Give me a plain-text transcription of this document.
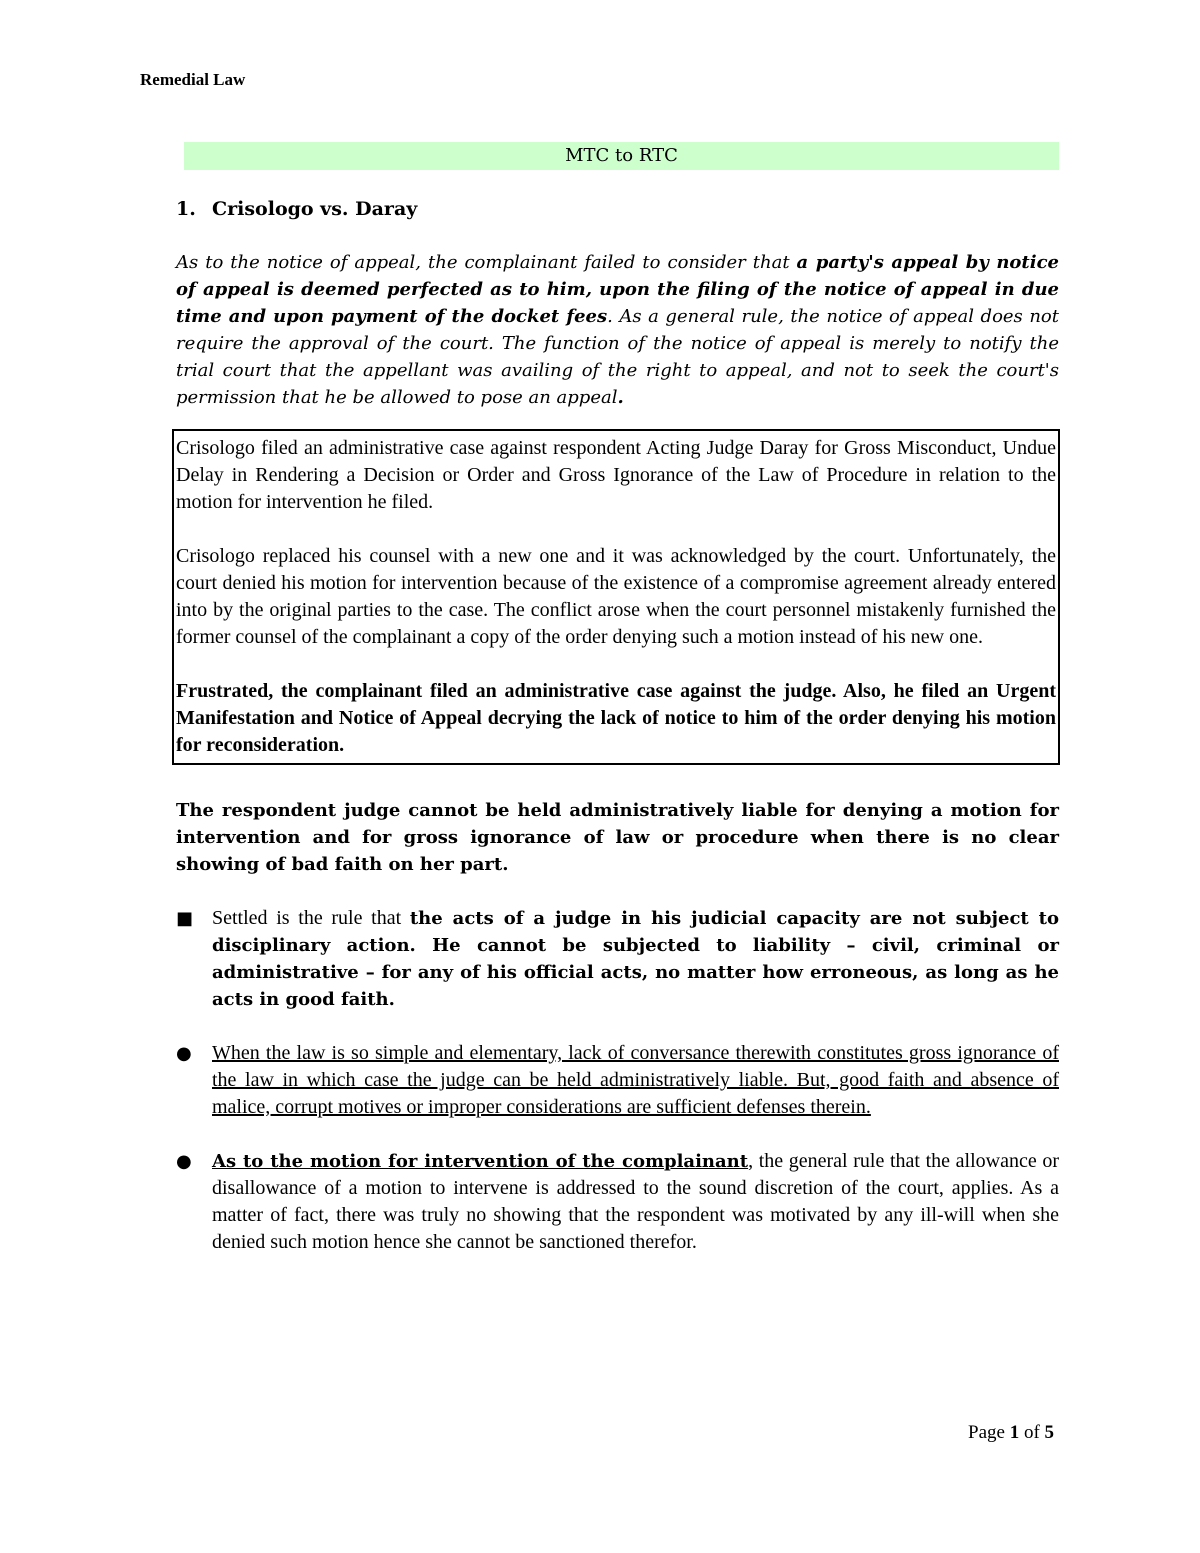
Remedial Law
MTC to RTC
1. Crisologo vs. Daray
As to the notice of appeal, the complainant failed to consider that a party's appeal by notice of appeal is deemed perfected as to him, upon the filing of the notice of appeal in due time and upon payment of the docket fees. As a general rule, the notice of appeal does not require the approval of the court. The function of the notice of appeal is merely to notify the trial court that the appellant was availing of the right to appeal, and not to seek the court's permission that he be allowed to pose an appeal.

Crisologo filed an administrative case against respondent Acting Judge Daray for Gross Misconduct, Undue Delay in Rendering a Decision or Order and Gross Ignorance of the Law of Procedure in relation to the motion for intervention he filed.

Crisologo replaced his counsel with a new one and it was acknowledged by the court. Unfortunately, the court denied his motion for intervention because of the existence of a compromise agreement already entered into by the original parties to the case. The conflict arose when the court personnel mistakenly furnished the former counsel of the complainant a copy of the order denying such a motion instead of his new one.

Frustrated, the complainant filed an administrative case against the judge. Also, he filed an Urgent Manifestation and Notice of Appeal decrying the lack of notice to him of the order denying his motion for reconsideration.

The respondent judge cannot be held administratively liable for denying a motion for intervention and for gross ignorance of law or procedure when there is no clear showing of bad faith on her part.
■ Settled is the rule that the acts of a judge in his judicial capacity are not subject to disciplinary action. He cannot be subjected to liability – civil, criminal or administrative – for any of his official acts, no matter how erroneous, as long as he acts in good faith.
● When the law is so simple and elementary, lack of conversance therewith constitutes gross ignorance of the law in which case the judge can be held administratively liable. But, good faith and absence of malice, corrupt motives or improper considerations are sufficient defenses therein.
● As to the motion for intervention of the complainant, the general rule that the allowance or disallowance of a motion to intervene is addressed to the sound discretion of the court, applies. As a matter of fact, there was truly no showing that the respondent was motivated by any ill-will when she denied such motion hence she cannot be sanctioned therefor.
Page 1 of 5
